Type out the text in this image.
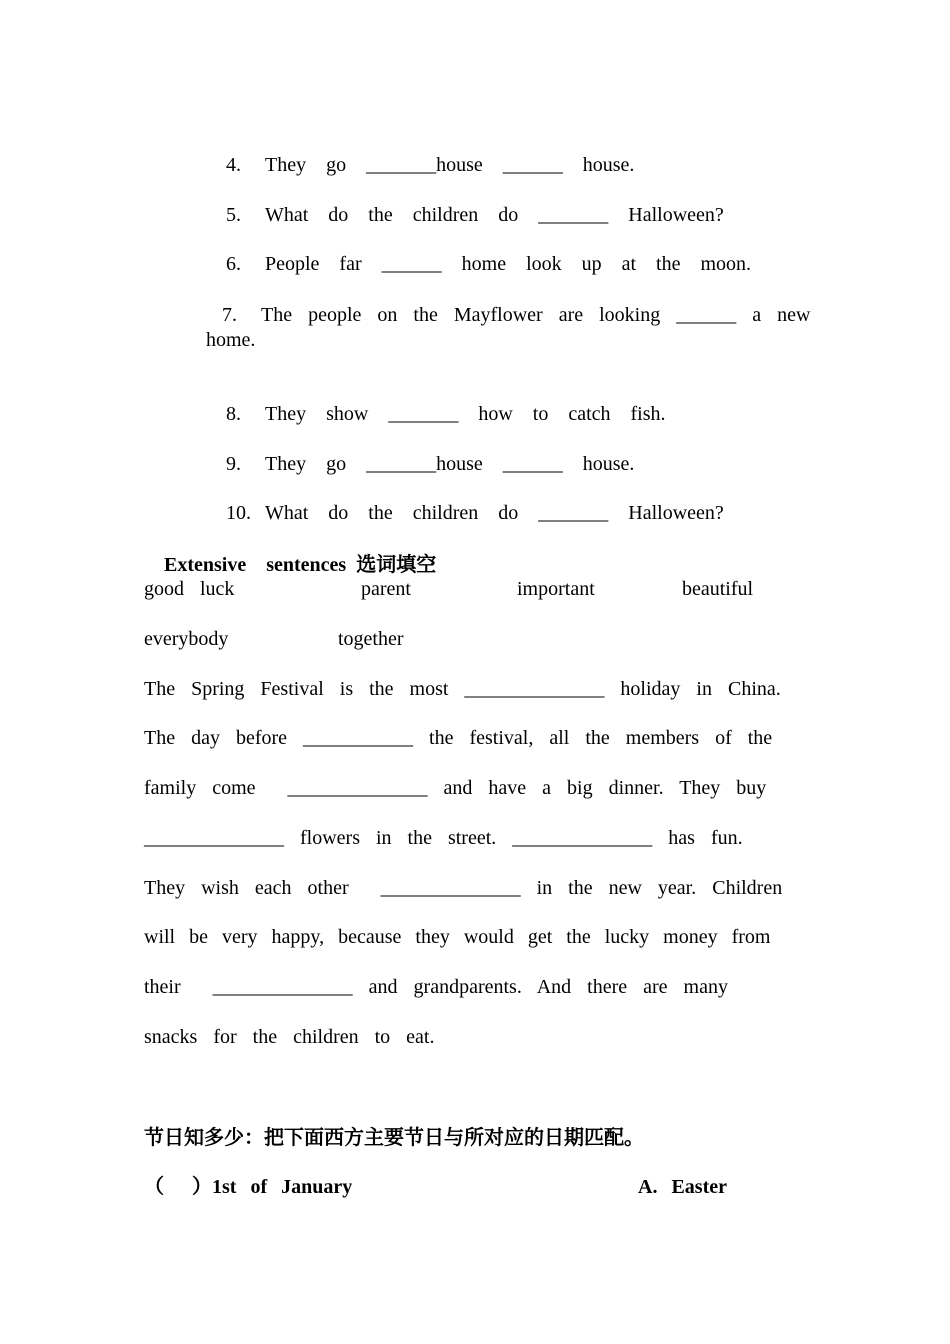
4. They  go  _______house  ______  house.

5. What  do  the  children  do  _______  Halloween?

6. People  far  ______  home  look  up  at  the  moon.

7. The  people  on  the  Mayflower  are  looking  ______  a  new

home.

8. They  show  _______  how  to  catch  fish.

9. They  go  _______house  ______  house.

10. What  do  the  children  do  _______  Halloween?

Extensive  sentences 选词填空

good  luck	parent	important	beautiful
everybody	together
The  Spring  Festival  is  the  most  ______________  holiday  in  China.
The  day  before  ___________  the  festival,  all  the  members  of  the
family  come    ______________  and  have  a  big  dinner.  They  buy
______________  flowers  in  the  street.  ______________  has  fun.
They  wish  each  other    ______________  in  the  new  year.  Children
will  be  very  happy,  because  they  would  get  the  lucky  money  from
their    ______________  and  grandparents.  And  there  are  many
snacks  for  the  children  to  eat.
节日知多少：把下面西方主要节日与所对应的日期匹配。
（    ）1st  of  January	A.  Easter
